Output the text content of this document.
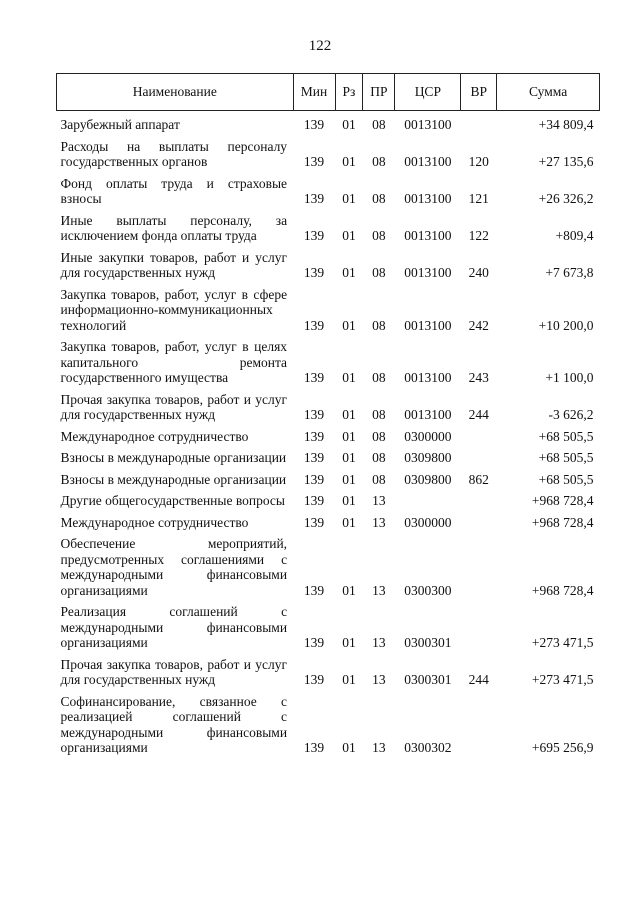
122
Наименование	Мин	Рз	ПР	ЦСР	ВР	Сумма
Зарубежный аппарат	139	01	08	0013100		+34 809,4
Расходы на выплаты персоналу государственных органов	139	01	08	0013100	120	+27 135,6
Фонд оплаты труда и страховые взносы	139	01	08	0013100	121	+26 326,2
Иные выплаты персоналу, за исключением фонда оплаты труда	139	01	08	0013100	122	+809,4
Иные закупки товаров, работ и услуг для государственных нужд	139	01	08	0013100	240	+7 673,8
Закупка товаров, работ, услуг в сфере информационно-коммуникационных технологий	139	01	08	0013100	242	+10 200,0
Закупка товаров, работ, услуг в целях капитального ремонта государственного имущества	139	01	08	0013100	243	+1 100,0
Прочая закупка товаров, работ и услуг для государственных нужд	139	01	08	0013100	244	-3 626,2
Международное сотрудничество	139	01	08	0300000		+68 505,5
Взносы в международные организации	139	01	08	0309800		+68 505,5
Взносы в международные организации	139	01	08	0309800	862	+68 505,5
Другие общегосударственные вопросы	139	01	13			+968 728,4
Международное сотрудничество	139	01	13	0300000		+968 728,4
Обеспечение мероприятий, предусмотренных соглашениями с международными финансовыми организациями	139	01	13	0300300		+968 728,4
Реализация соглашений с международными финансовыми организациями	139	01	13	0300301		+273 471,5
Прочая закупка товаров, работ и услуг для государственных нужд	139	01	13	0300301	244	+273 471,5
Софинансирование, связанное с реализацией соглашений с международными финансовыми организациями	139	01	13	0300302		+695 256,9
